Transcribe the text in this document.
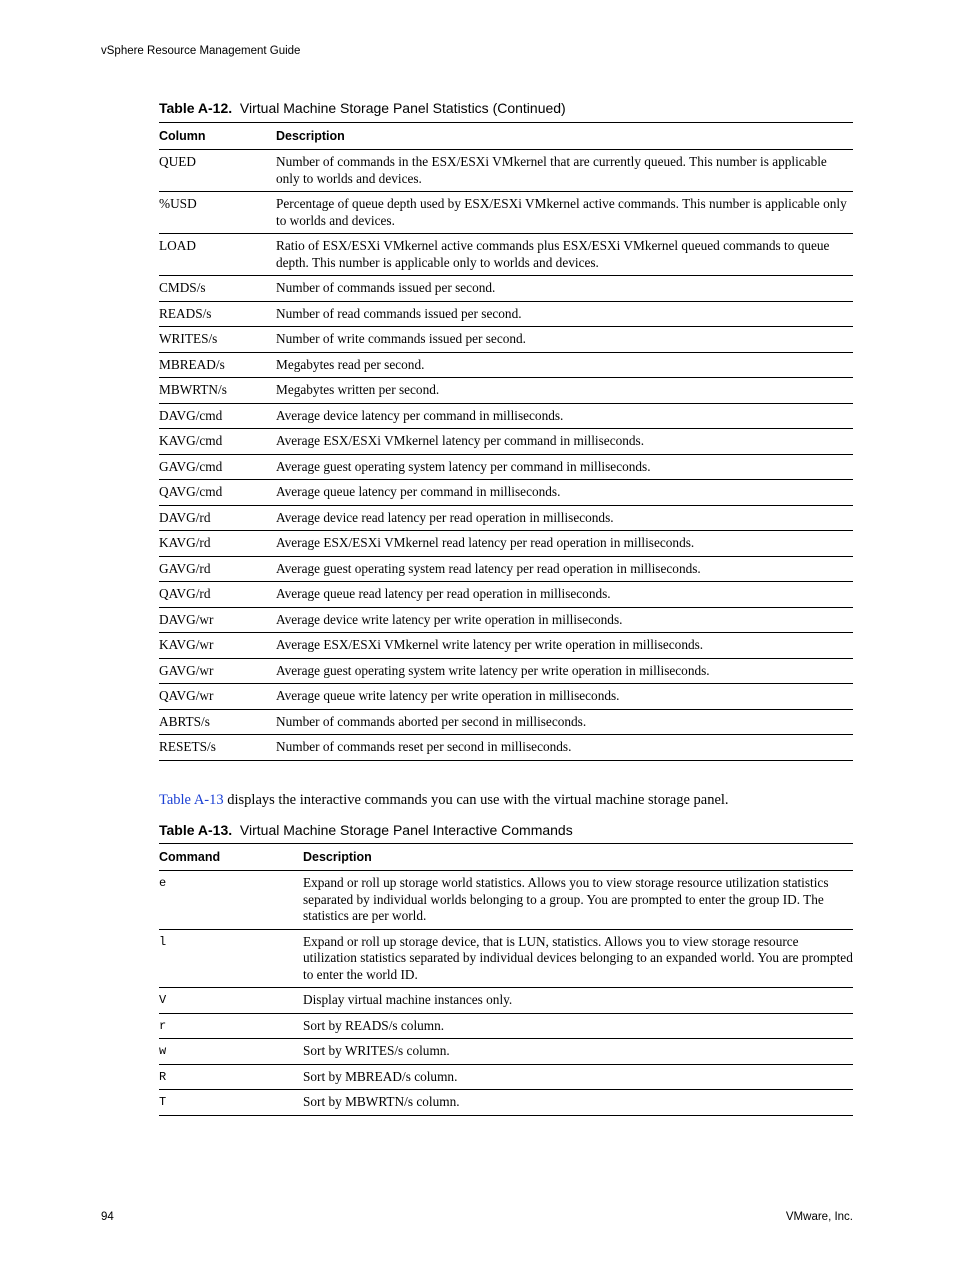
vSphere Resource Management Guide
Table A-12. Virtual Machine Storage Panel Statistics (Continued)
Column	Description
QUED	Number of commands in the ESX/ESXi VMkernel that are currently queued. This number is applicable only to worlds and devices.
%USD	Percentage of queue depth used by ESX/ESXi VMkernel active commands. This number is applicable only to worlds and devices.
LOAD	Ratio of ESX/ESXi VMkernel active commands plus ESX/ESXi VMkernel queued commands to queue depth. This number is applicable only to worlds and devices.
CMDS/s	Number of commands issued per second.
READS/s	Number of read commands issued per second.
WRITES/s	Number of write commands issued per second.
MBREAD/s	Megabytes read per second.
MBWRTN/s	Megabytes written per second.
DAVG/cmd	Average device latency per command in milliseconds.
KAVG/cmd	Average ESX/ESXi VMkernel latency per command in milliseconds.
GAVG/cmd	Average guest operating system latency per command in milliseconds.
QAVG/cmd	Average queue latency per command in milliseconds.
DAVG/rd	Average device read latency per read operation in milliseconds.
KAVG/rd	Average ESX/ESXi VMkernel read latency per read operation in milliseconds.
GAVG/rd	Average guest operating system read latency per read operation in milliseconds.
QAVG/rd	Average queue read latency per read operation in milliseconds.
DAVG/wr	Average device write latency per write operation in milliseconds.
KAVG/wr	Average ESX/ESXi VMkernel write latency per write operation in milliseconds.
GAVG/wr	Average guest operating system write latency per write operation in milliseconds.
QAVG/wr	Average queue write latency per write operation in milliseconds.
ABRTS/s	Number of commands aborted per second in milliseconds.
RESETS/s	Number of commands reset per second in milliseconds.
Table A-13 displays the interactive commands you can use with the virtual machine storage panel.
Table A-13. Virtual Machine Storage Panel Interactive Commands
Command	Description
e	Expand or roll up storage world statistics. Allows you to view storage resource utilization statistics separated by individual worlds belonging to a group. You are prompted to enter the group ID. The statistics are per world.
l	Expand or roll up storage device, that is LUN, statistics. Allows you to view storage resource utilization statistics separated by individual devices belonging to an expanded world. You are prompted to enter the world ID.
V	Display virtual machine instances only.
r	Sort by READS/s column.
w	Sort by WRITES/s column.
R	Sort by MBREAD/s column.
T	Sort by MBWRTN/s column.
94	VMware, Inc.
